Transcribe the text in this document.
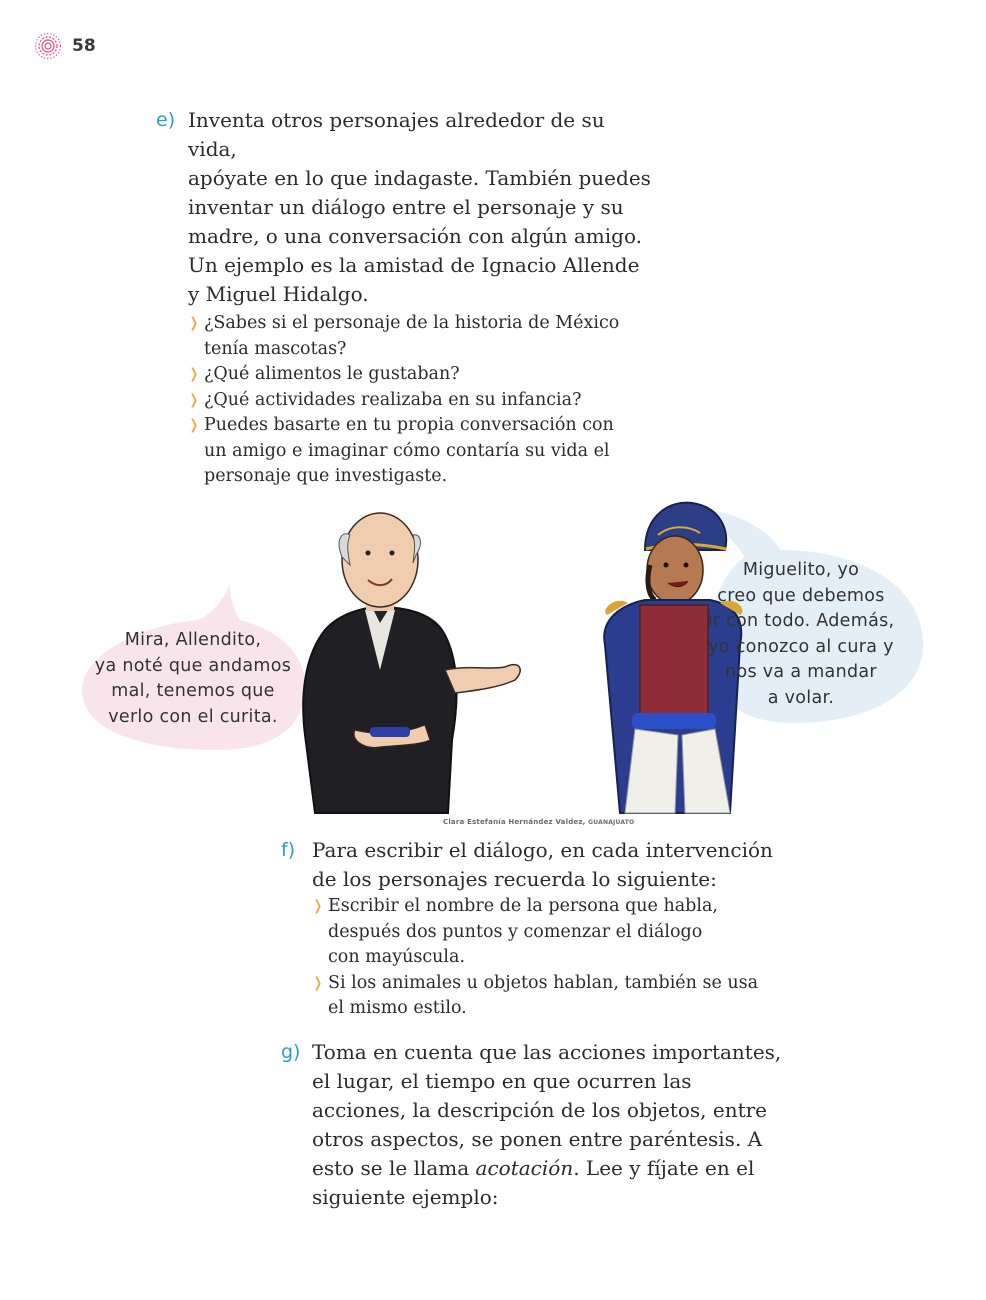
58
e) Inventa otros personajes alrededor de su vida,
apóyate en lo que indagaste. También puedes
inventar un diálogo entre el personaje y su
madre, o una conversación con algún amigo.
Un ejemplo es la amistad de Ignacio Allende
y Miguel Hidalgo.

❭ ¿Sabes si el personaje de la historia de México
tenía mascotas?
❭ ¿Qué alimentos le gustaban?
❭ ¿Qué actividades realizaba en su infancia?
❭ Puedes basarte en tu propia conversación con
un amigo e imaginar cómo contaría su vida el
personaje que investigaste.
Mira, Allendito,
ya noté que andamos
mal, tenemos que
verlo con el curita.
Miguelito, yo
creo que debemos
ir con todo. Además,
yo conozco al cura y
nos va a mandar
a volar.
Clara Estefanía Hernández Valdez, GUANAJUATO
f) Para escribir el diálogo, en cada intervención
de los personajes recuerda lo siguiente:

❭ Escribir el nombre de la persona que habla,
después dos puntos y comenzar el diálogo
con mayúscula.
❭ Si los animales u objetos hablan, también se usa
el mismo estilo.
g) Toma en cuenta que las acciones importantes,
el lugar, el tiempo en que ocurren las
acciones, la descripción de los objetos, entre
otros aspectos, se ponen entre paréntesis. A
esto se le llama acotación. Lee y fíjate en el
siguiente ejemplo:
